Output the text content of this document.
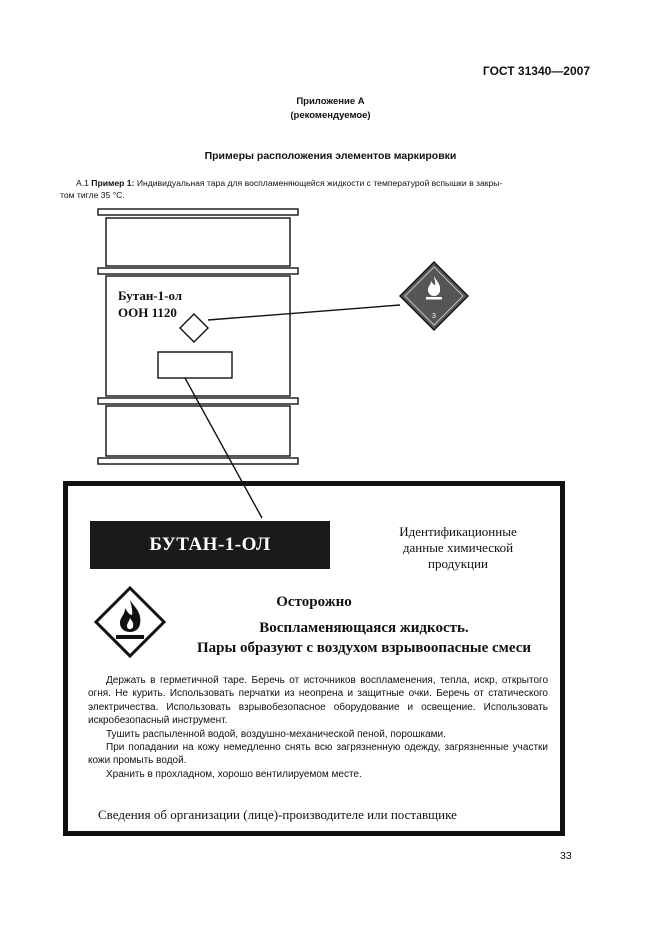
ГОСТ 31340—2007
Приложение А
(рекомендуемое)
Примеры расположения элементов маркировки
А.1 Пример 1: Индивидуальная тара для воспламеняющейся жидкости с температурой вспышки в закры-
том тигле 35 °С.
3
Бутан-1-ол
ООН 1120
БУТАН-1-ОЛ
Идентификационные
данные химической
продукции
Осторожно
Воспламеняющаяся жидкость.
Пары образуют с воздухом взрывоопасные смеси

Держать в герметичной таре. Беречь от источников воспламенения, тепла, искр, открытого огня. Не курить. Использовать перчатки из неопрена и защитные очки. Беречь от статического электричества. Использовать взрывобезопасное оборудование и освещение. Использовать искробезопасный инструмент.

Тушить распыленной водой, воздушно-механической пеной, порошками.

При попадании на кожу немедленно снять всю загрязненную одежду, загрязненные участки кожи промыть водой.

Хранить в прохладном, хорошо вентилируемом месте.

Сведения об организации (лице)-производителе или поставщике
33
